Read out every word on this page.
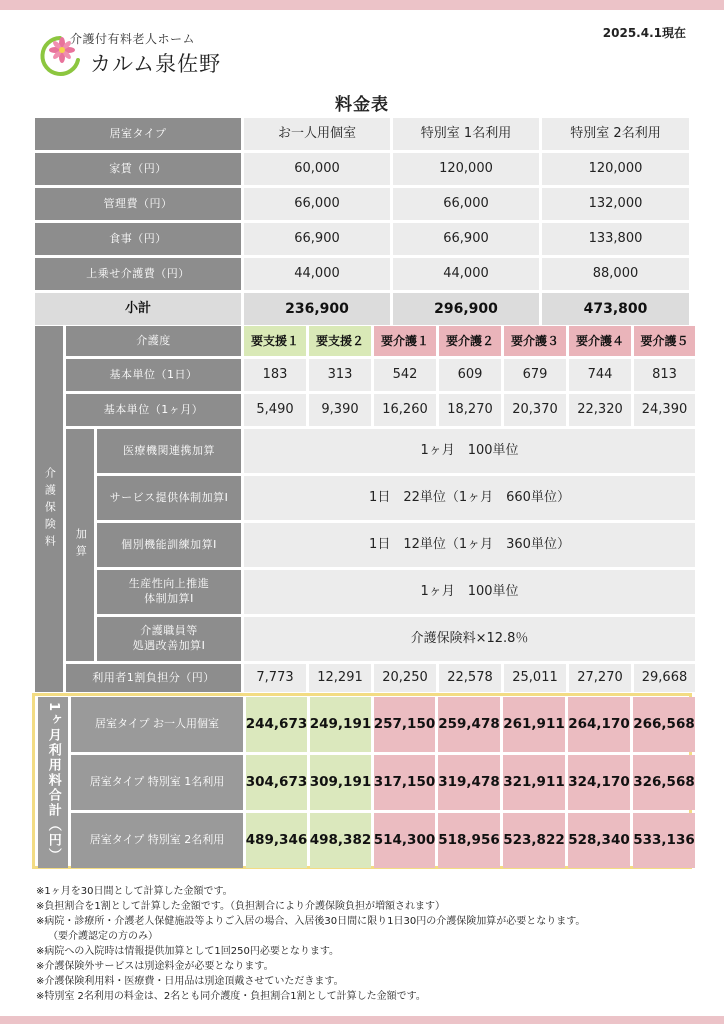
2025.4.1現在
介護付有料老人ホーム
カルム泉佐野
料金表
居室タイプ	お一人用個室	特別室 1名利用	特別室 2名利用
家賃（円）	60,000	120,000	120,000
管理費（円）	66,000	66,000	132,000
食事（円）	66,900	66,900	133,800
上乗せ介護費（円）	44,000	44,000	88,000
小計	236,900	296,900	473,800
介護保険料
介護度	要支援１	要支援２	要介護１	要介護２	要介護３	要介護４	要介護５
基本単位（1日）	183	313	542	609	679	744	813
基本単位（1ヶ月）	5,490	9,390	16,260	18,270	20,370	22,320	24,390
加算
医療機関連携加算	1ヶ月　100単位
サービス提供体制加算Ⅰ	1日　22単位（1ヶ月　660単位）
個別機能訓練加算Ⅰ	1日　12単位（1ヶ月　360単位）
生産性向上推進
体制加算Ⅰ	1ヶ月　100単位
介護職員等
処遇改善加算Ⅰ	介護保険料×12.8％
利用者1割負担分（円）	7,773	12,291	20,250	22,578	25,011	27,270	29,668
1ヶ月利用料合計（円）	居室タイプ お一人用個室	244,673 249,191 257,150 259,478 261,911 264,170 266,568
居室タイプ 特別室 1名利用	304,673 309,191 317,150 319,478 321,911 324,170 326,568
居室タイプ 特別室 2名利用	489,346 498,382 514,300 518,956 523,822 528,340 533,136
※1ヶ月を30日間として計算した金額です。
※負担割合を1割として計算した金額です。（負担割合により介護保険負担が増額されます）
※病院・診療所・介護老人保健施設等よりご入居の場合、入居後30日間に限り1日30円の介護保険加算が必要となります。
（要介護認定の方のみ）
※病院への入院時は情報提供加算として1回250円必要となります。
※介護保険外サービスは別途料金が必要となります。
※介護保険利用料・医療費・日用品は別途頂戴させていただきます。
※特別室 2名利用の料金は、2名とも同介護度・負担割合1割として計算した金額です。
